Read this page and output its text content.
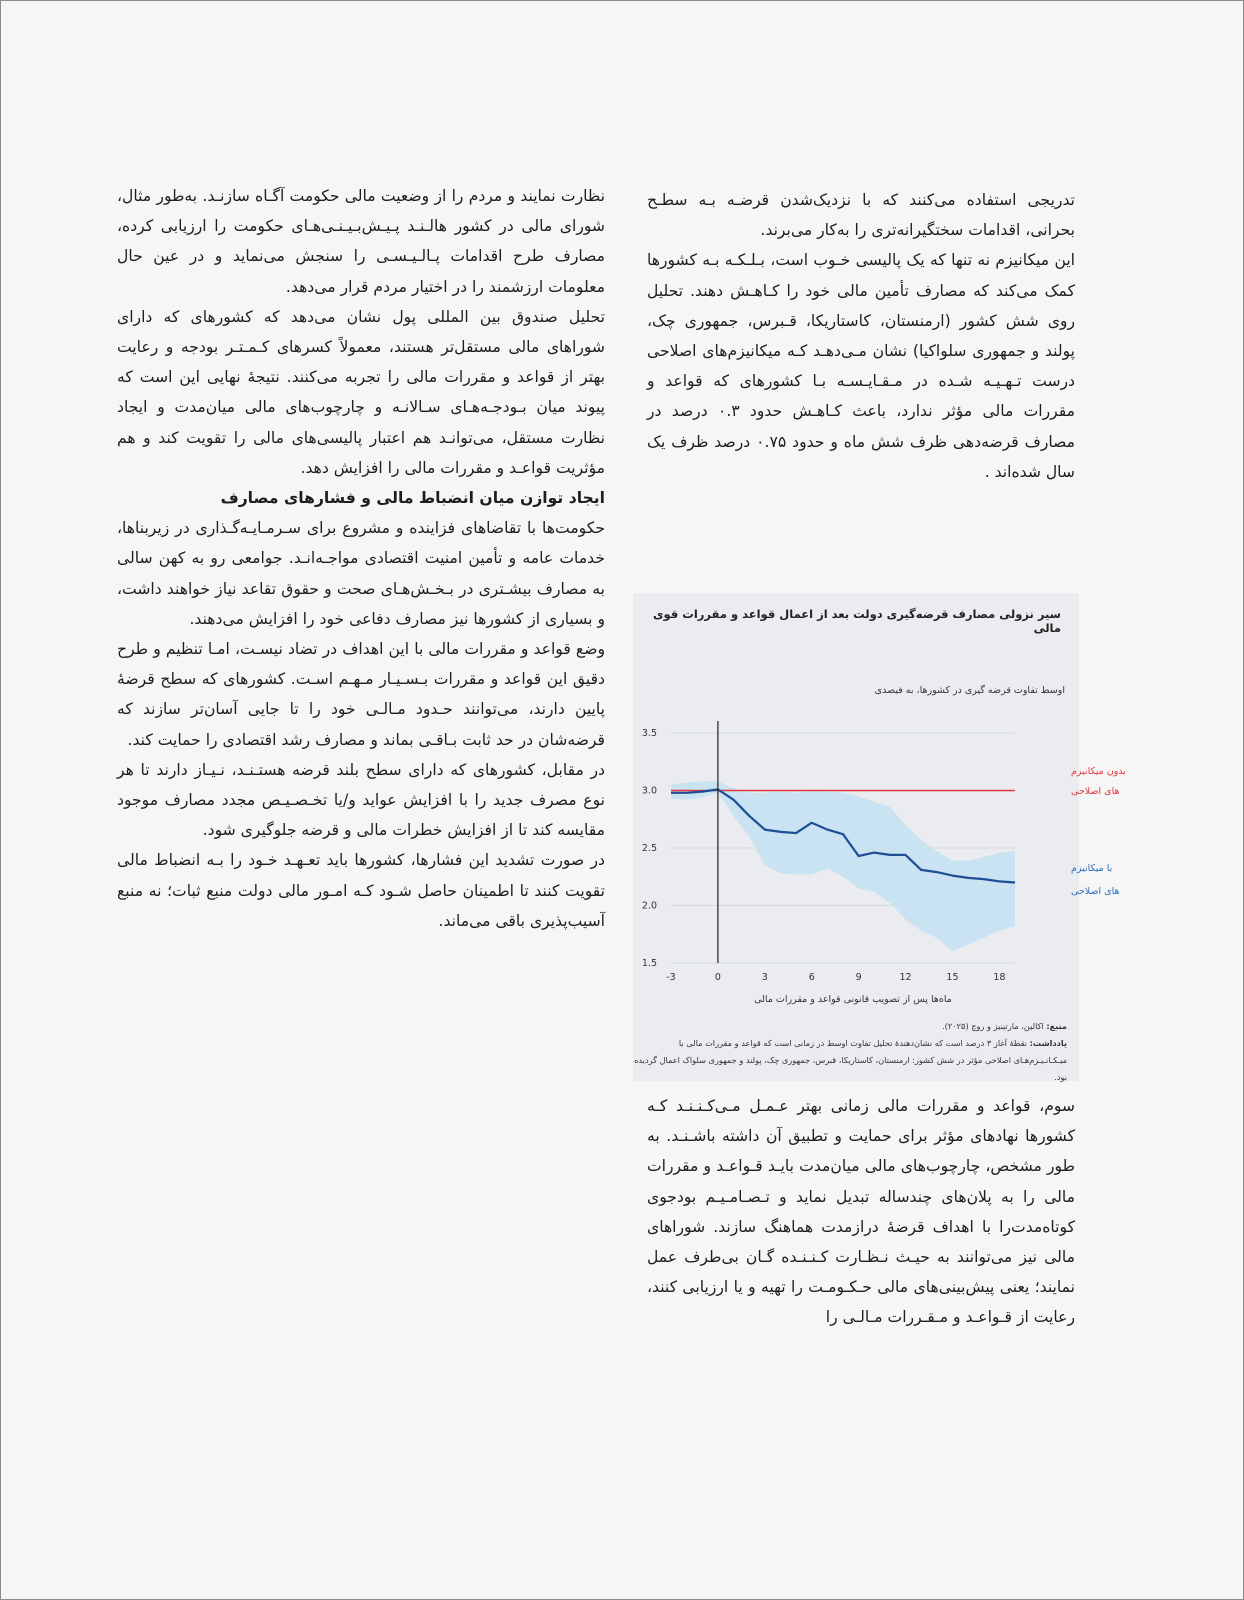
تدریجی استفاده می‌کنند که با نزدیک‌شدن قرضـه بـه سطـح بحرانی، اقدامات سختگیرانه‌تری را به‌کار می‌برند.

این میکانیزم نه تنها که یک پالیسی خـوب است، بـلـکـه بـه کشورها کمک می‌کند که مصارف تأمین مالی خود را کـاهـش دهند. تحلیل روی شش کشور (ارمنستان، کاستاریکا، قـبرس، جمهوری چک، پولند و جمهوری سلواکیا) نشان مـی‌دهـد کـه میکانیزم‌های اصلاحی درست تـهـیـه شـده در مـقـایـسـه بـا کشورهای که قواعد و مقررات مالی مؤثر ندارد، باعث کـاهـش حدود ۰.۳ درصد در مصارف قرضه‌دهی ظرف شش ماه و حدود ۰.۷۵ درصد ظرف یک سال شده‌اند .

سیر نزولی مصارف قرضه‌گیری دولت بعد از اعمال قواعد و مقررات قوی مالی
اوسط تفاوت قرضه گیری در کشورها، به فیصدی
1.5
2.0
2.5
3.0
3.5
-3	0	3	6	9	12	15	18
ماه‌ها پس از تصویب قانونی قواعد و مقررات مالی
بدون میکانیزم
های اصلاحی
با میکانیزم
های اصلاحی

منبع: اکالین، مارتینیز و روچ (۲۰۲۵).

یادداشت: نقطهٔ آغاز ۳ درصد است که نشان‌دهندهٔ تحلیل تفاوت اوسط در زمانی است که قواعد و مقررات مالی با میـکـانـیـزم‌هـای اصلاحی مؤثر در شش کشور: ارمنستان، کاستاریکا، قبرس، جمهوری چک، پولند و جمهوری سلواک اعمال گردیده بود.

سوم، قواعد و مقررات مالی زمانی بهتر عـمـل مـی‌کـنـنـد کـه کشورها نهادهای مؤثر برای حمایت و تطبیق آن داشته باشـنـد. به طور مشخص، چارچوب‌های مالی میان‌مدت بایـد قـواعـد و مقررات مالی را به پلان‌های چندساله تبدیل نماید و تـصـامـیـم بودجوی کوتاه‌مدت‌را با اهداف قرضهٔ درازمدت هماهنگ سازند. شوراهای مالی نیز می‌توانند به حیـث نـظـارت کـنـنـده گـان بی‌طرف عمل نمایند؛ یعنی پیش‌بینی‌های مالی حـکـومـت را تهیه و یا ارزیابی کنند، رعایت از قـواعـد و مـقـررات مـالـی را

نظارت نمایند و مردم را از وضعیت مالی حکومت آگـاه سازنـد. به‌طور مثال، شورای مالی در کشور هالـنـد پـیـش‌بـیـنـی‌هـای حکومت را ارزیابی کرده، مصارف طرح اقدامات پـالـیـسـی را سنجش می‌نماید و در عین حال معلومات ارزشمند را در اختیار مردم قرار می‌دهد.

تحلیل صندوق بین المللی پول نشان می‌دهد که کشورهای که دارای شوراهای مالی مستقل‌تر هستند، معمولاً کسرهای کـمـتـر بودجه و رعایت بهتر از قواعد و مقررات مالی را تجربه می‌کنند. نتیجهٔ نهایی این است که پیوند میان بـودجـه‌هـای سـالانـه و چارچوب‌های مالی میان‌مدت و ایجاد نظارت مستقل، می‌توانـد هم اعتبار پالیسی‌های مالی را تقویت کند و هم مؤثریت قواعـد و مقررات مالی را افزایش دهد.

ایجاد توازن میان انضباط مالی و فشارهای مصارف

حکومت‌ها با تقاضاهای فزاینده و مشروع برای سـرمـایـه‌گـذاری در زیربناها، خدمات عامه و تأمین امنیت اقتصادی مواجـه‌انـد. جوامعی رو به کهن سالی به مصارف بیشـتری در بـخـش‌هـای صحت و حقوق تقاعد نیاز خواهند داشت، و بسیاری از کشورها نیز مصارف دفاعی خود را افزایش می‌دهند.

وضع قواعد و مقررات مالی با این اهداف در تضاد نیسـت، امـا تنظیم و طرح دقیق این قواعد و مقررات بـسـیـار مـهـم اسـت. کشورهای که سطح قرضهٔ پایین دارند، می‌توانند حـدود مـالـی خود را تا جایی آسان‌تر سازند که قرضه‌شان در حد ثابت بـاقـی بماند و مصارف رشد اقتصادی را حمایت کند.

در مقابل، کشورهای که دارای سطح بلند قرضه هستـنـد، نـیـاز دارند تا هر نوع مصرف جدید را با افزایش عواید و/یا تخـصـیـص مجدد مصارف موجود مقایسه کند تا از افزایش خطرات مالی و قرضه جلوگیری شود.

در صورت تشدید این فشارها، کشورها باید تعـهـد خـود را بـه انضباط مالی تقویت کنند تا اطمینان حاصل شـود کـه امـور مالی دولت منبع ثبات؛ نه منبع آسیب‌پذیری باقی می‌ماند.
